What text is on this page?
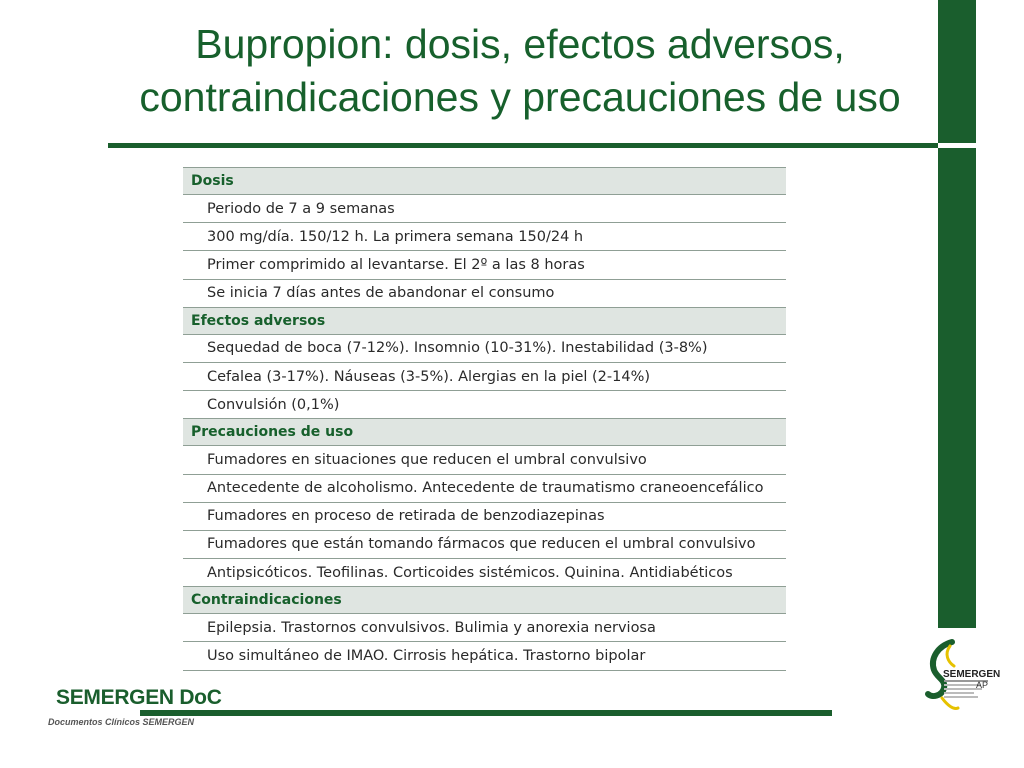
Bupropion: dosis, efectos adversos,
contraindicaciones y precauciones de uso
Dosis
Periodo de 7 a 9 semanas
300 mg/día. 150/12 h. La primera semana 150/24 h
Primer comprimido al levantarse. El 2º a las 8 horas
Se inicia 7 días antes de abandonar el consumo
Efectos adversos
Sequedad de boca (7-12%). Insomnio (10-31%). Inestabilidad (3-8%)
Cefalea (3-17%). Náuseas (3-5%). Alergias en la piel (2-14%)
Convulsión (0,1%)
Precauciones de uso
Fumadores en situaciones que reducen el umbral convulsivo
Antecedente de alcoholismo. Antecedente de traumatismo craneoencefálico
Fumadores en proceso de retirada de benzodiazepinas
Fumadores que están tomando fármacos que reducen el umbral convulsivo
Antipsicóticos. Teofilinas. Corticoides sistémicos. Quinina. Antidiabéticos
Contraindicaciones
Epilepsia. Trastornos convulsivos. Bulimia y anorexia nerviosa
Uso simultáneo de IMAO. Cirrosis hepática. Trastorno bipolar
SEMERGEN DoC
Documentos Clínicos SEMERGEN
SEMERGEN
AP
